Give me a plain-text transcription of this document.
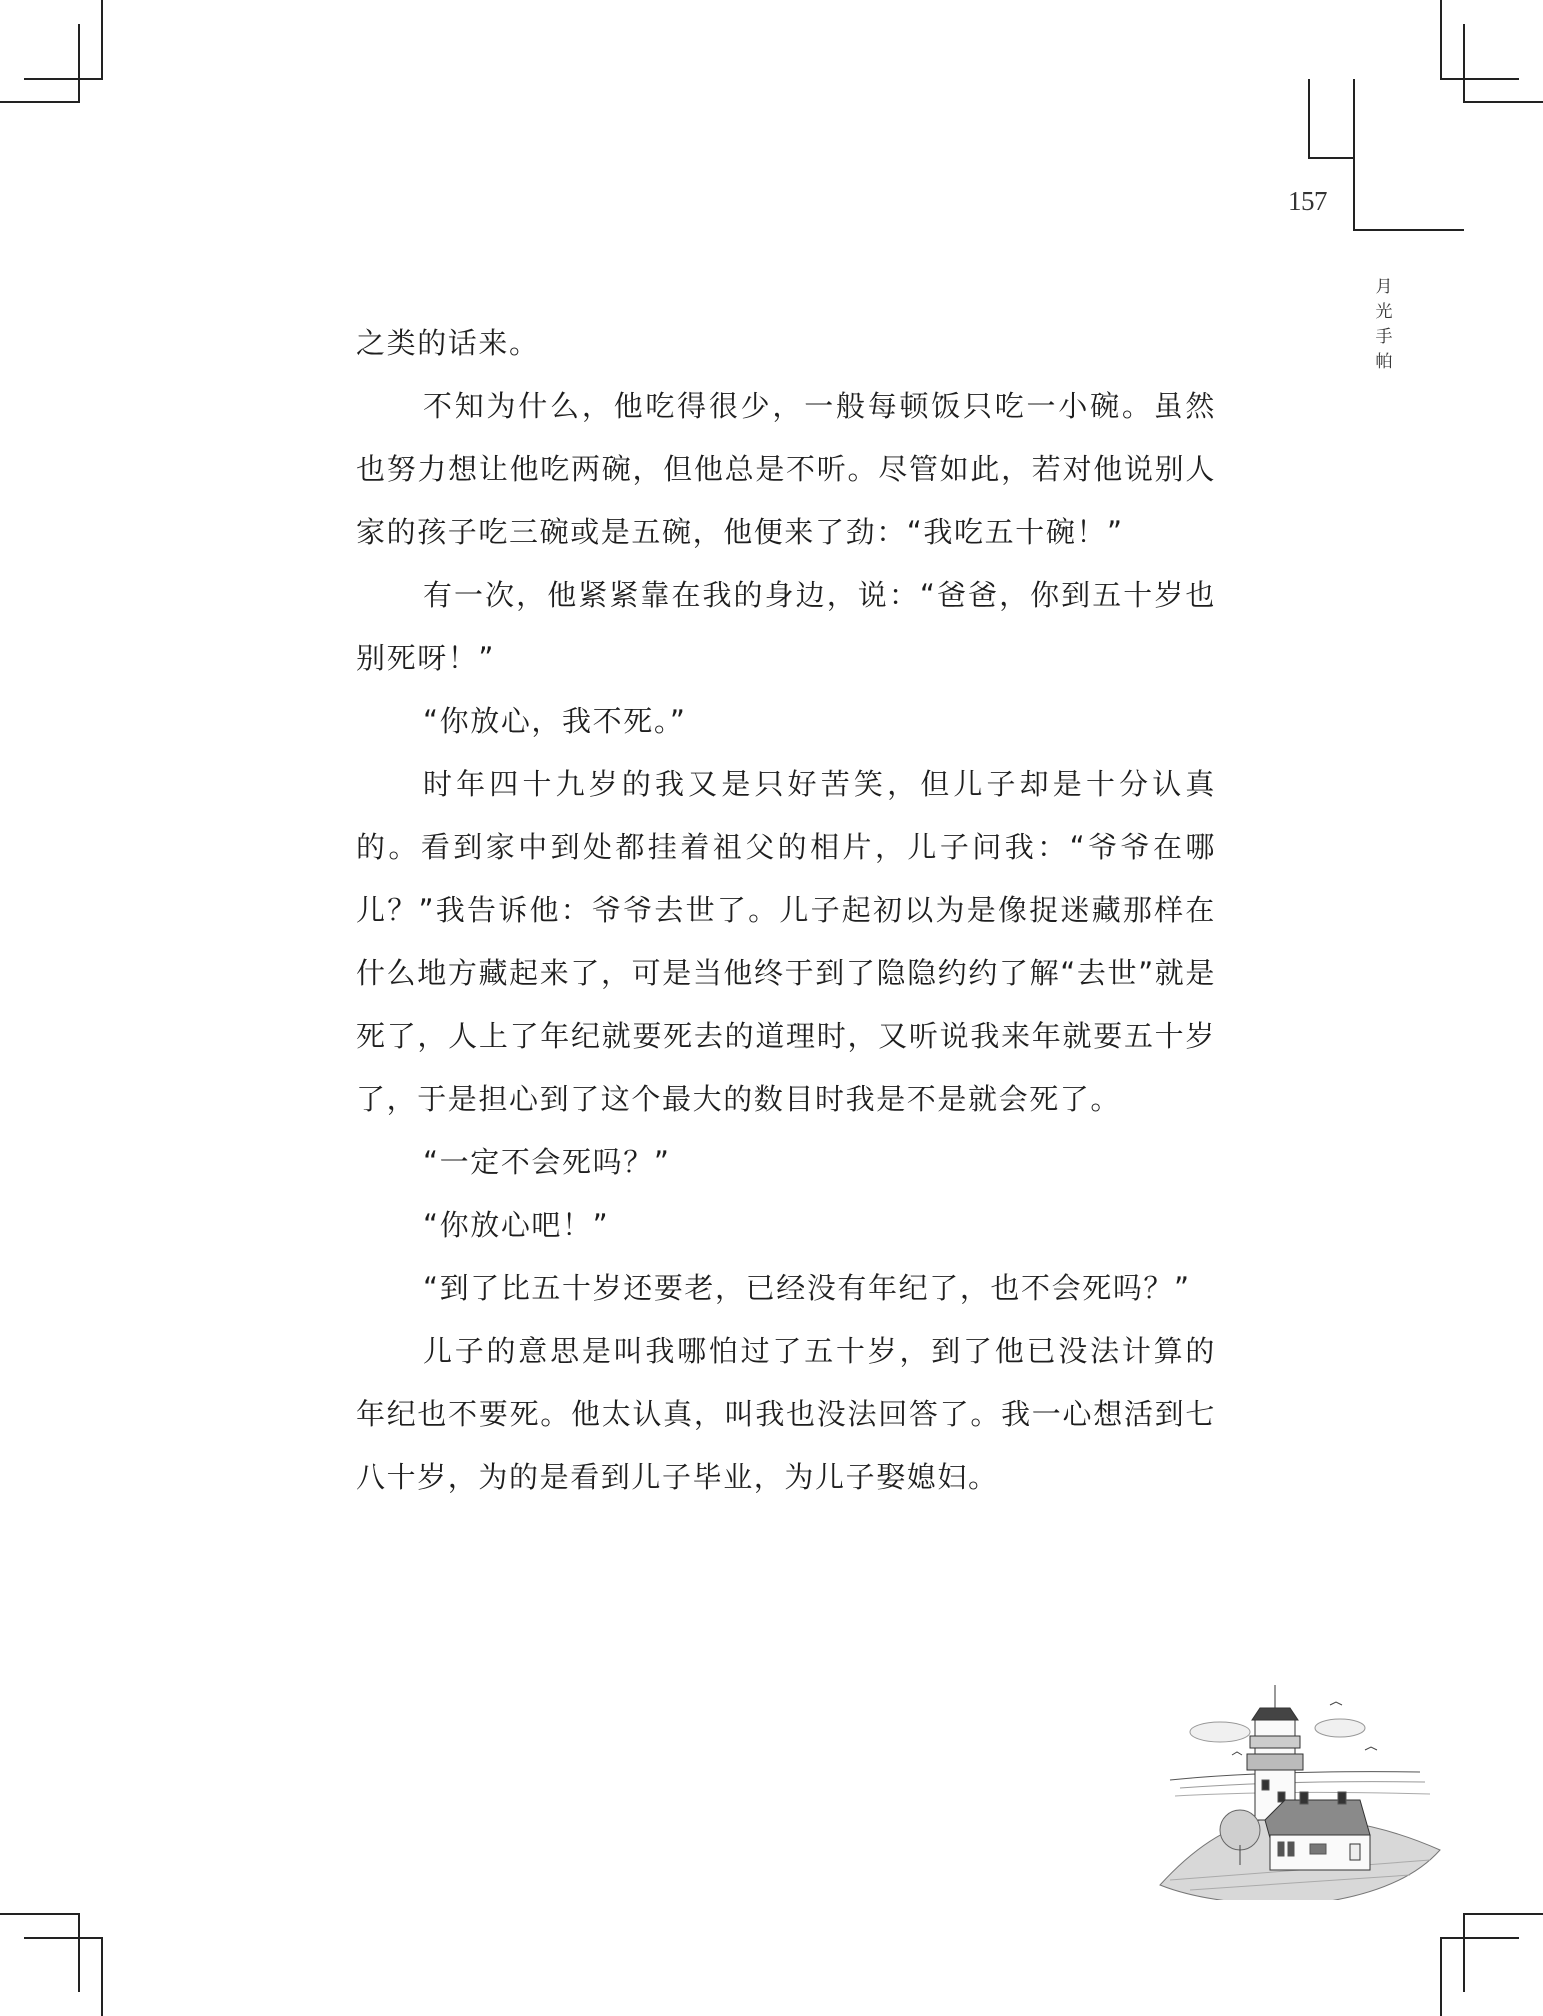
157
月
光
手
帕

之类的话来。

不知为什么，他吃得很少，一般每顿饭只吃一小碗。虽然也努力想让他吃两碗，但他总是不听。尽管如此，若对他说别人家的孩子吃三碗或是五碗，他便来了劲：“我吃五十碗！”

有一次，他紧紧靠在我的身边，说：“爸爸，你到五十岁也别死呀！”

“你放心，我不死。”

时年四十九岁的我又是只好苦笑，但儿子却是十分认真的。看到家中到处都挂着祖父的相片，儿子问我：“爷爷在哪儿？”我告诉他：爷爷去世了。儿子起初以为是像捉迷藏那样在什么地方藏起来了，可是当他终于到了隐隐约约了解“去世”就是死了，人上了年纪就要死去的道理时，又听说我来年就要五十岁了，于是担心到了这个最大的数目时我是不是就会死了。

“一定不会死吗？”

“你放心吧！”

“到了比五十岁还要老，已经没有年纪了，也不会死吗？”

儿子的意思是叫我哪怕过了五十岁，到了他已没法计算的年纪也不要死。他太认真，叫我也没法回答了。我一心想活到七八十岁，为的是看到儿子毕业，为儿子娶媳妇。
